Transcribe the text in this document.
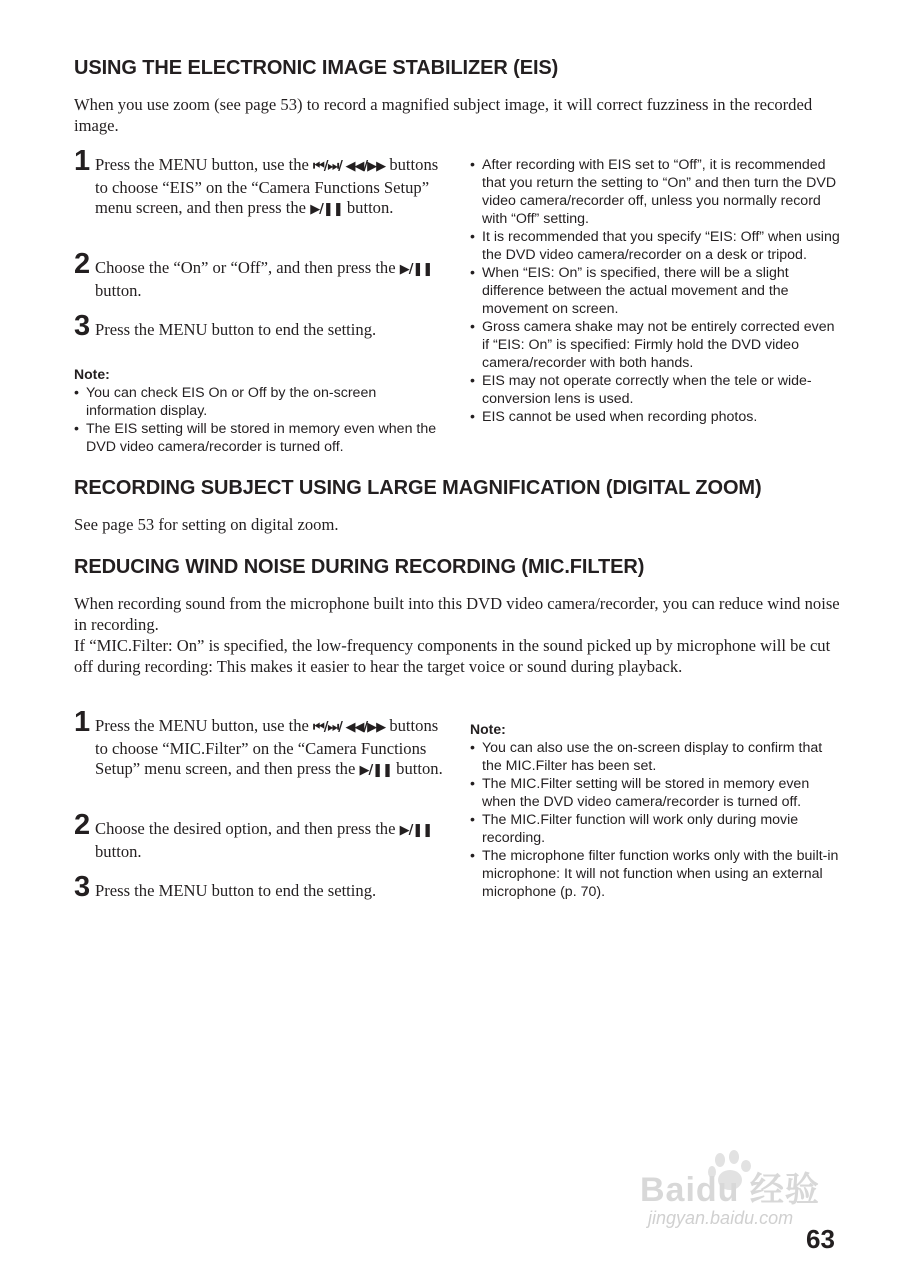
USING THE ELECTRONIC IMAGE STABILIZER (EIS)

When you use zoom (see page 53) to record a magnified subject image, it will correct fuzziness in the recorded image.

1 Press the MENU button, use the ⏮/⏭/ ◀◀/▶▶ buttons to choose “EIS” on the “Camera Functions Setup” menu screen, and then press the ▶/❚❚ button.
2 Choose the “On” or “Off”, and then press the ▶/❚❚ button.
3 Press the MENU button to end the setting.
Note:
• You can check EIS On or Off by the on-screen information display.
• The EIS setting will be stored in memory even when the DVD video camera/recorder is turned off.
• After recording with EIS set to “Off”, it is recommended that you return the setting to “On” and then turn the DVD video camera/recorder off, unless you normally record with “Off” setting.
• It is recommended that you specify “EIS: Off” when using the DVD video camera/recorder on a desk or tripod.
• When “EIS: On” is specified, there will be a slight difference between the actual movement and the movement on screen.
• Gross camera shake may not be entirely corrected even if “EIS: On” is specified: Firmly hold the DVD video camera/recorder with both hands.
• EIS may not operate correctly when the tele or wide-conversion lens is used.
• EIS cannot be used when recording photos.
RECORDING SUBJECT USING LARGE MAGNIFICATION (DIGITAL ZOOM)

See page 53 for setting on digital zoom.

REDUCING WIND NOISE DURING RECORDING (MIC.FILTER)

When recording sound from the microphone built into this DVD video camera/recorder, you can reduce wind noise in recording.

If “MIC.Filter: On” is specified, the low-frequency components in the sound picked up by microphone will be cut off during recording: This makes it easier to hear the target voice or sound during playback.

1 Press the MENU button, use the ⏮/⏭/ ◀◀/▶▶ buttons to choose “MIC.Filter” on the “Camera Functions Setup” menu screen, and then press the ▶/❚❚ button.
2 Choose the desired option, and then press the ▶/❚❚ button.
3 Press the MENU button to end the setting.
Note:
• You can also use the on-screen display to confirm that the MIC.Filter has been set.
• The MIC.Filter setting will be stored in memory even when the DVD video camera/recorder is turned off.
• The MIC.Filter function will work only during movie recording.
• The microphone filter function works only with the built-in microphone: It will not function when using an external microphone (p. 70).
Baidu 经验
jingyan.baidu.com
63
